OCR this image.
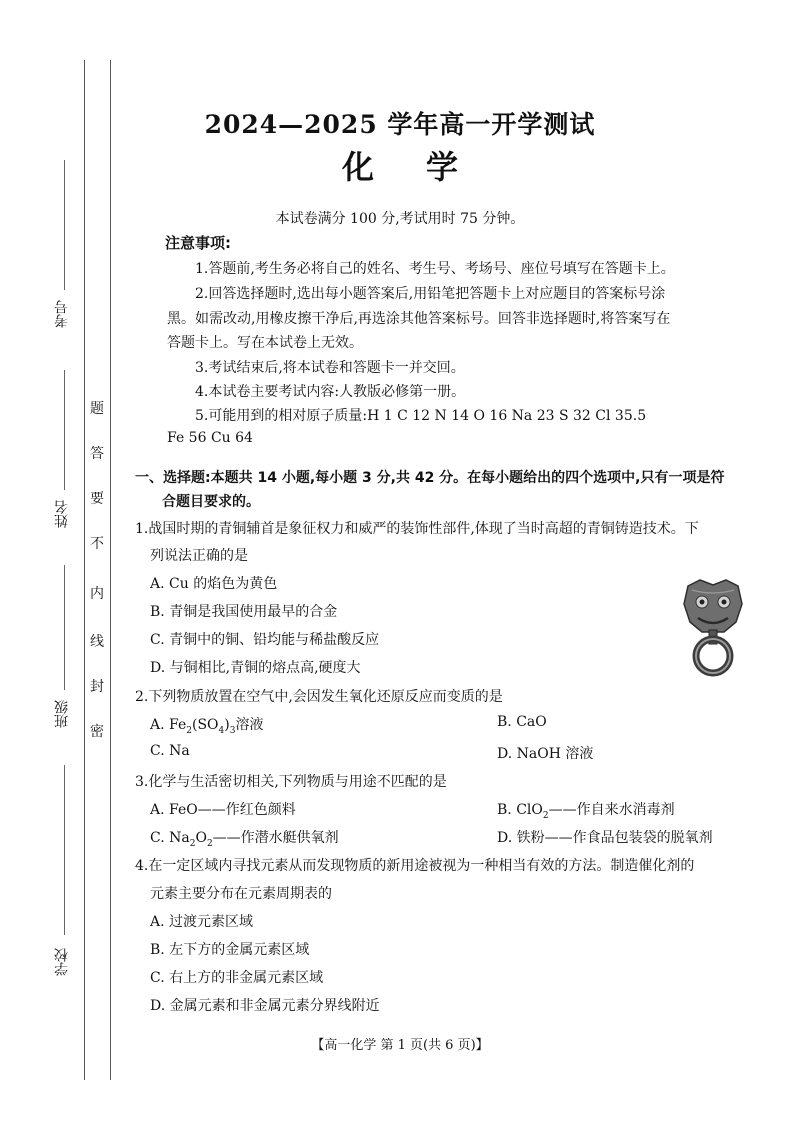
考号
姓名
班级
学校
题
答
要
不
内
线
封
密
2024—2025 学年高一开学测试
化学
本试卷满分 100 分,考试用时 75 分钟。
注意事项:
1.答题前,考生务必将自己的姓名、考生号、考场号、座位号填写在答题卡上。
2.回答选择题时,选出每小题答案后,用铅笔把答题卡上对应题目的答案标号涂
黑。如需改动,用橡皮擦干净后,再选涂其他答案标号。回答非选择题时,将答案写在
答题卡上。写在本试卷上无效。
3.考试结束后,将本试卷和答题卡一并交回。
4.本试卷主要考试内容:人教版必修第一册。
5.可能用到的相对原子质量:H 1 C 12 N 14 O 16 Na 23 S 32 Cl 35.5
Fe 56 Cu 64
一、选择题:本题共 14 小题,每小题 3 分,共 42 分。在每小题给出的四个选项中,只有一项是符
合题目要求的。
1.战国时期的青铜辅首是象征权力和威严的装饰性部件,体现了当时高超的青铜铸造技术。下
列说法正确的是
A. Cu 的焰色为黄色
B. 青铜是我国使用最早的合金
C. 青铜中的铜、铅均能与稀盐酸反应
D. 与铜相比,青铜的熔点高,硬度大
2.下列物质放置在空气中,会因发生氧化还原反应而变质的是
A. $Fe_2(SO_4)_3$溶液	B. CaO
C. Na	D. NaOH 溶液
3.化学与生活密切相关,下列物质与用途不匹配的是
A. FeO——作红色颜料	B. ClO$_2$——作自来水消毒剂
C. $Na_2O_2——$作潜水艇供氧剂	D. 铁粉——作食品包装袋的脱氧剂
4.在一定区域内寻找元素从而发现物质的新用途被视为一种相当有效的方法。制造催化剂的
元素主要分布在元素周期表的
A. 过渡元素区域
B. 左下方的金属元素区域
C. 右上方的非金属元素区域
D. 金属元素和非金属元素分界线附近
【高一化学 第 1 页(共 6 页)】
